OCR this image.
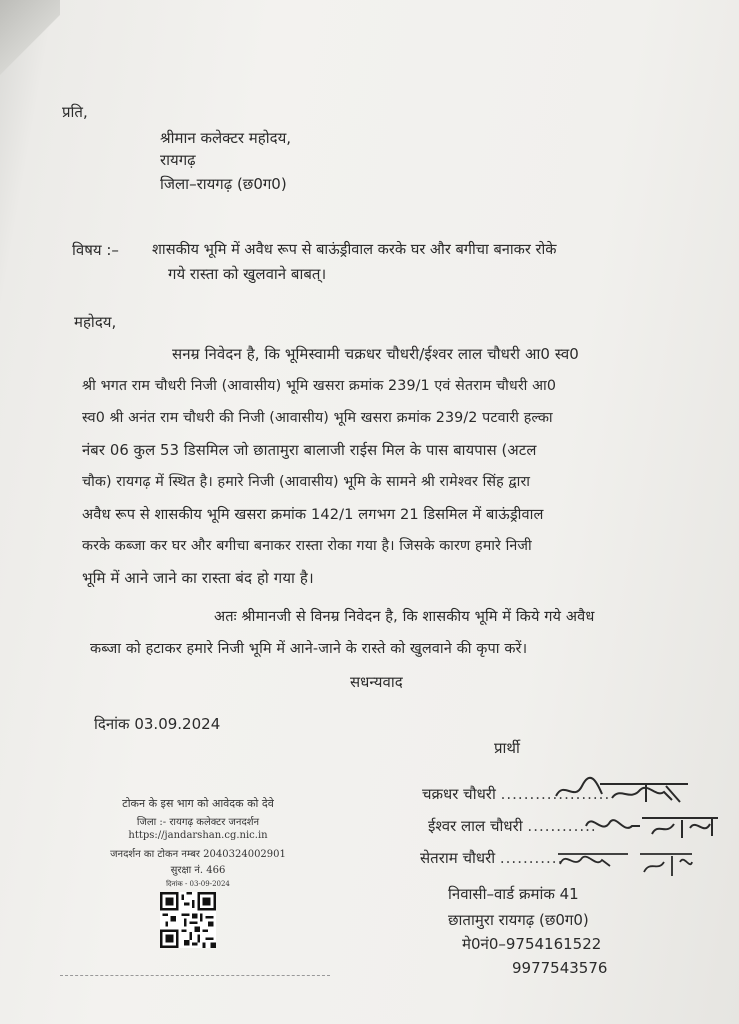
प्रति,
श्रीमान कलेक्टर महोदय,
रायगढ़
जिला–रायगढ़ (छ0ग0)
विषय :– शासकीय भूमि में अवैध रूप से बाऊंड्रीवाल करके घर और बगीचा बनाकर रोके
गये रास्ता को खुलवाने बाबत्।
महोदय,
सनम्र निवेदन है, कि भूमिस्वामी चक्रधर चौधरी/ईश्वर लाल चौधरी आ0 स्व0
श्री भगत राम चौधरी निजी (आवासीय) भूमि खसरा क्रमांक 239/1 एवं सेतराम चौधरी आ0
स्व0 श्री अनंत राम चौधरी की निजी (आवासीय) भूमि खसरा क्रमांक 239/2 पटवारी हल्का
नंबर 06 कुल 53 डिसमिल जो छातामुरा बालाजी राईस मिल के पास बायपास (अटल
चौक) रायगढ़ में स्थित है। हमारे निजी (आवासीय) भूमि के सामने श्री रामेश्वर सिंह द्वारा
अवैध रूप से शासकीय भूमि खसरा क्रमांक 142/1 लगभग 21 डिसमिल में बाऊंड्रीवाल
करके कब्जा कर घर और बगीचा बनाकर रास्ता रोका गया है। जिसके कारण हमारे निजी
भूमि में आने जाने का रास्ता बंद हो गया है।
अतः श्रीमानजी से विनम्र निवेदन है, कि शासकीय भूमि में किये गये अवैध
कब्जा को हटाकर हमारे निजी भूमि में आने-जाने के रास्ते को खुलवाने की कृपा करें।
सधन्यवाद
दिनांक 03.09.2024
प्रार्थी
चक्रधर चौधरी ...................
ईश्वर लाल चौधरी ............
सेतराम चौधरी ...........
निवासी–वार्ड क्रमांक 41
छातामुरा रायगढ़ (छ0ग0)
मे0नं0–9754161522
9977543576
टोकन के इस भाग को आवेदक को देवे
जिला :- रायगढ़ कलेक्टर जनदर्शन
https://jandarshan.cg.nic.in
जनदर्शन का टोकन नम्बर 2040324002901
सुरक्षा नं. 466
दिनांक - 03-09-2024
